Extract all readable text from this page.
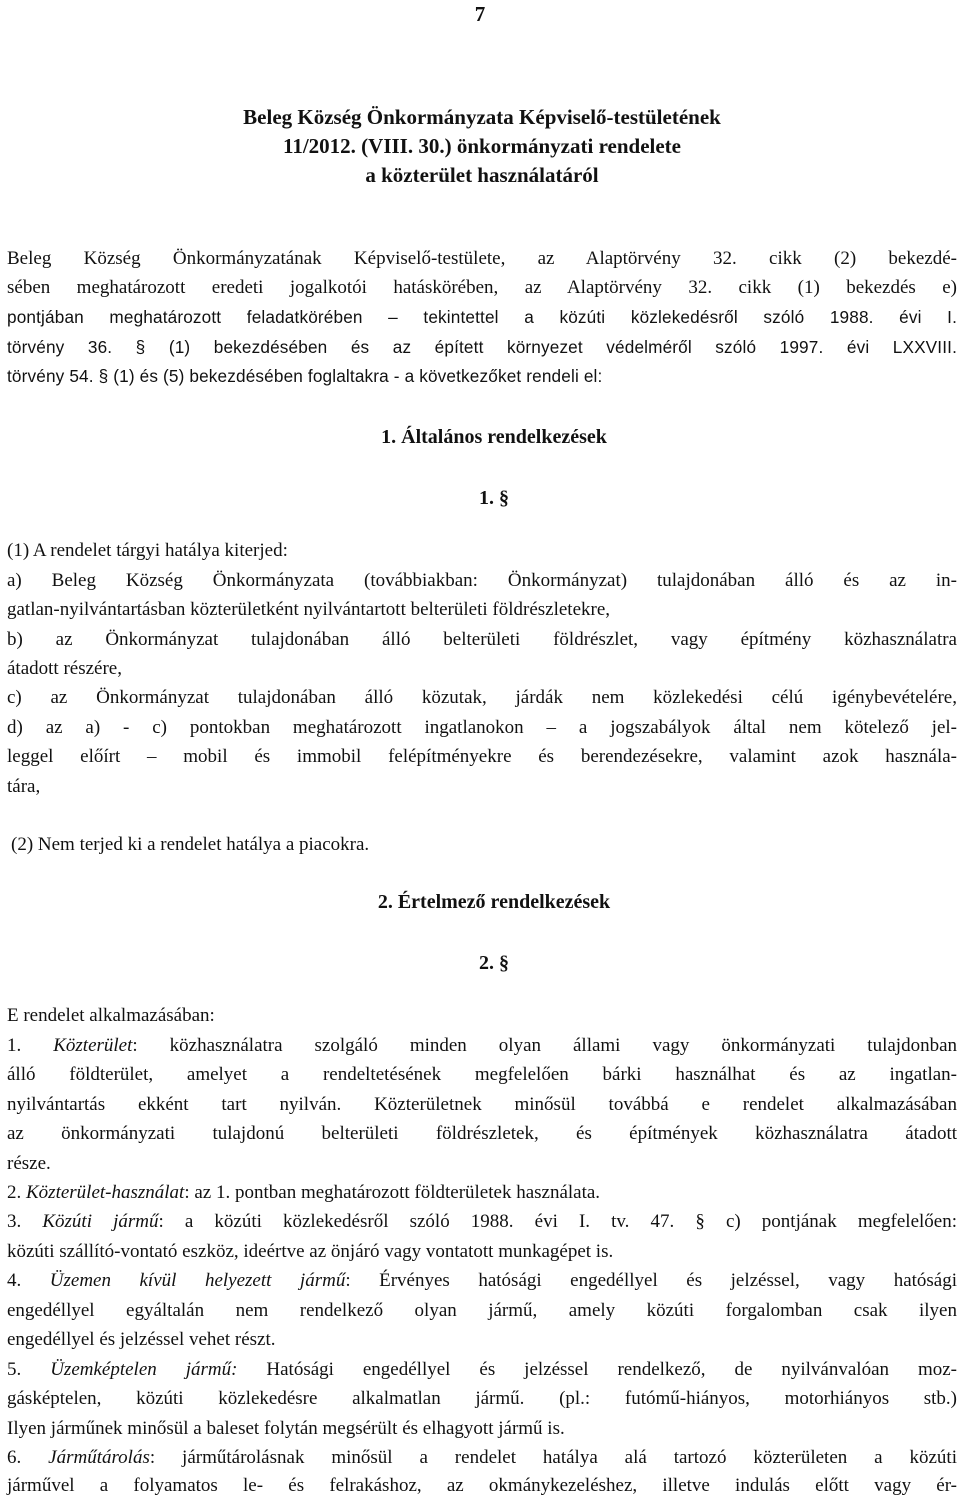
7
Beleg Község Önkormányzata Képviselő-testületének
11/2012. (VIII. 30.) önkormányzati rendelete
a közterület használatáról
Beleg Község Önkormányzatának Képviselő-testülete, az Alaptörvény 32. cikk (2) bekezdé-
sében meghatározott eredeti jogalkotói hatáskörében, az Alaptörvény 32. cikk (1) bekezdés e)
pontjában meghatározott feladatkörében – tekintettel a közúti közlekedésről szóló 1988. évi I.
törvény 36. § (1) bekezdésében és az épített környezet védelméről szóló 1997. évi LXXVIII.
törvény 54. § (1) és (5) bekezdésében foglaltakra - a következőket rendeli el:
1. Általános rendelkezések
1. §
(1) A rendelet tárgyi hatálya kiterjed:
a) Beleg Község Önkormányzata (továbbiakban: Önkormányzat) tulajdonában álló és az in-
gatlan-nyilvántartásban közterületként nyilvántartott belterületi földrészletekre,
b) az Önkormányzat tulajdonában álló belterületi földrészlet, vagy építmény közhasználatra
átadott részére,
c) az Önkormányzat tulajdonában álló közutak, járdák nem közlekedési célú igénybevételére,
d) az a) - c) pontokban meghatározott ingatlanokon – a jogszabályok által nem kötelező jel-
leggel előírt – mobil és immobil felépítményekre és berendezésekre, valamint azok használa-
tára,
(2) Nem terjed ki a rendelet hatálya a piacokra.
2. Értelmező rendelkezések
2. §
E rendelet alkalmazásában:
1. Közterület: közhasználatra szolgáló minden olyan állami vagy önkormányzati tulajdonban
álló földterület, amelyet a rendeltetésének megfelelően bárki használhat és az ingatlan-
nyilvántartás ekként tart nyilván. Közterületnek minősül továbbá e rendelet alkalmazásában
az önkormányzati tulajdonú belterületi földrészletek, és építmények közhasználatra átadott
része.
2. Közterület-használat: az 1. pontban meghatározott földterületek használata.
3. Közúti jármű: a közúti közlekedésről szóló 1988. évi I. tv. 47. § c) pontjának megfelelően:
közúti szállító-vontató eszköz, ideértve az önjáró vagy vontatott munkagépet is.
4. Üzemen kívül helyezett jármű: Érvényes hatósági engedéllyel és jelzéssel, vagy hatósági
engedéllyel egyáltalán nem rendelkező olyan jármű, amely közúti forgalomban csak ilyen
engedéllyel és jelzéssel vehet részt.
5. Üzemképtelen jármű: Hatósági engedéllyel és jelzéssel rendelkező, de nyilvánvalóan moz-
gásképtelen, közúti közlekedésre alkalmatlan jármű. (pl.: futómű-hiányos, motorhiányos stb.)
Ilyen járműnek minősül a baleset folytán megsérült és elhagyott jármű is.
6. Járműtárolás: járműtárolásnak minősül a rendelet hatálya alá tartozó közterületen a közúti
járművel a folyamatos le- és felrakáshoz, az okmánykezeléshez, illetve indulás előtt vagy ér-
